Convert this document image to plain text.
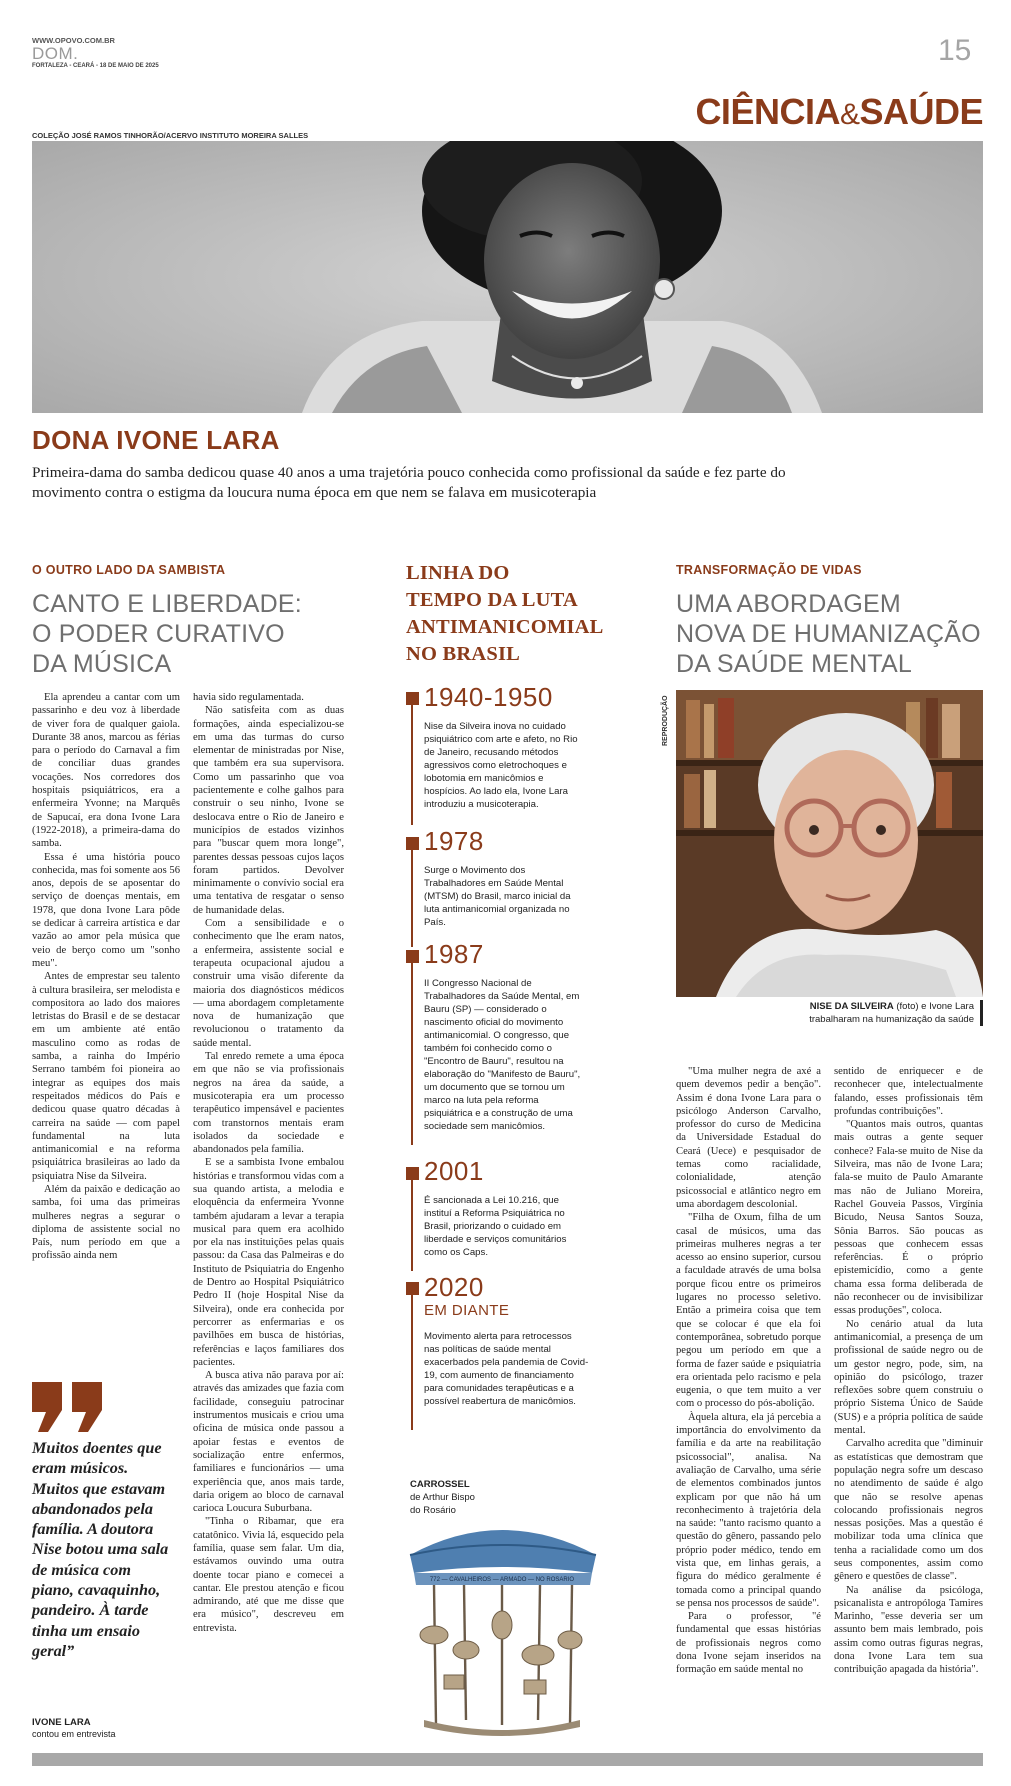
WWW.OPOVO.COM.BR
DOM.
FORTALEZA - CEARÁ - 18 DE MAIO DE 2025	15
CIÊNCIA&SAÚDE
COLEÇÃO JOSÉ RAMOS TINHORÃO/ACERVO INSTITUTO MOREIRA SALLES
DONA IVONE LARA
Primeira-dama do samba dedicou quase 40 anos a uma trajetória pouco conhecida como profissional da saúde e fez parte do movimento contra o estigma da loucura numa época em que nem se falava em musicoterapia
O OUTRO LADO DA SAMBISTA
CANTO E LIBERDADE:
O PODER CURATIVO
DA MÚSICA

Ela aprendeu a cantar com um passarinho e deu voz à liberdade de viver fora de qualquer gaiola. Durante 38 anos, marcou as férias para o período do Carnaval a fim de conciliar duas grandes vocações. Nos corredores dos hospitais psiquiátricos, era a enfermeira Yvonne; na Marquês de Sapucaí, era dona Ivone Lara (1922-2018), a primeira-dama do samba.

Essa é uma história pouco conhecida, mas foi somente aos 56 anos, depois de se aposentar do serviço de doenças mentais, em 1978, que dona Ivone Lara pôde se dedicar à carreira artística e dar vazão ao amor pela música que veio de berço como um "sonho meu".

Antes de emprestar seu talento à cultura brasileira, ser melodista e compositora ao lado dos maiores letristas do Brasil e de se destacar em um ambiente até então masculino como as rodas de samba, a rainha do Império Serrano também foi pioneira ao integrar as equipes dos mais respeitados médicos do País e dedicou quase quatro décadas à carreira na saúde — com papel fundamental na luta antimanicomial e na reforma psiquiátrica brasileiras ao lado da psiquiatra Nise da Silveira.

Além da paixão e dedicação ao samba, foi uma das primeiras mulheres negras a segurar o diploma de assistente social no País, num período em que a profissão ainda nem

havia sido regulamentada.

Não satisfeita com as duas formações, ainda especializou-se em uma das turmas do curso elementar de ministradas por Nise, que também era sua supervisora. Como um passarinho que voa pacientemente e colhe galhos para construir o seu ninho, Ivone se deslocava entre o Rio de Janeiro e municípios de estados vizinhos para "buscar quem mora longe", parentes dessas pessoas cujos laços foram partidos. Devolver minimamente o convívio social era uma tentativa de resgatar o senso de humanidade delas.

Com a sensibilidade e o conhecimento que lhe eram natos, a enfermeira, assistente social e terapeuta ocupacional ajudou a construir uma visão diferente da maioria dos diagnósticos médicos — uma abordagem completamente nova de humanização que revolucionou o tratamento da saúde mental.

Tal enredo remete a uma época em que não se via profissionais negros na área da saúde, a musicoterapia era um processo terapêutico impensável e pacientes com transtornos mentais eram isolados da sociedade e abandonados pela família.

E se a sambista Ivone embalou histórias e transformou vidas com a sua quando artista, a melodia e eloquência da enfermeira Yvonne também ajudaram a levar a terapia musical para quem era acolhido por ela nas instituições pelas quais passou: da Casa das Palmeiras e do Instituto de Psiquiatria do Engenho de Dentro ao Hospital Psiquiátrico Pedro II (hoje Hospital Nise da Silveira), onde era conhecida por percorrer as enfermarias e os pavilhões em busca de histórias, referências e laços familiares dos pacientes.

A busca ativa não parava por aí: através das amizades que fazia com facilidade, conseguiu patrocinar instrumentos musicais e criou uma oficina de música onde passou a apoiar festas e eventos de socialização entre enfermos, familiares e funcionários — uma experiência que, anos mais tarde, daria origem ao bloco de carnaval carioca Loucura Suburbana.

"Tinha o Ribamar, que era catatônico. Vivia lá, esquecido pela família, quase sem falar. Um dia, estávamos ouvindo uma outra doente tocar piano e comecei a cantar. Ele prestou atenção e ficou admirando, até que me disse que era músico", descreveu em entrevista.

Muitos doentes que eram músicos. Muitos que estavam abandonados pela família. A doutora Nise botou uma sala de música com piano, cavaquinho, pandeiro. À tarde tinha um ensaio geral”
IVONE LARA
contou em entrevista
LINHA DO
TEMPO DA LUTA
ANTIMANICOMIAL
NO BRASIL
1940-1950
Nise da Silveira inova no cuidado psiquiátrico com arte e afeto, no Rio de Janeiro, recusando métodos agressivos como eletrochoques e lobotomia em manicômios e hospícios. Ao lado ela, Ivone Lara introduziu a musicoterapia.
1978
Surge o Movimento dos Trabalhadores em Saúde Mental (MTSM) do Brasil, marco inicial da luta antimanicomial organizada no País.
1987
II Congresso Nacional de Trabalhadores da Saúde Mental, em Bauru (SP) — considerado o nascimento oficial do movimento antimanicomial. O congresso, que também foi conhecido como o "Encontro de Bauru", resultou na elaboração do "Manifesto de Bauru", um documento que se tornou um marco na luta pela reforma psiquiátrica e a construção de uma sociedade sem manicômios.
2001
É sancionada a Lei 10.216, que instituí a Reforma Psiquiátrica no Brasil, priorizando o cuidado em liberdade e serviços comunitários como os Caps.
2020
EM DIANTE
Movimento alerta para retrocessos nas políticas de saúde mental exacerbados pela pandemia de Covid-19, com aumento de financiamento para comunidades terapêuticas e a possível reabertura de manicômios.
CARROSSEL
de Arthur Bispo
do Rosário
772 — CAVALHEIROS — ARMADO — NO ROSARIO
TRANSFORMAÇÃO DE VIDAS
UMA ABORDAGEM
NOVA DE HUMANIZAÇÃO
DA SAÚDE MENTAL
REPRODUÇÃO
NISE DA SILVEIRA (foto) e Ivone Lara
trabalharam na humanização da saúde

"Uma mulher negra de axé a quem devemos pedir a benção". Assim é dona Ivone Lara para o psicólogo Anderson Carvalho, professor do curso de Medicina da Universidade Estadual do Ceará (Uece) e pesquisador de temas como racialidade, colonialidade, atenção psicossocial e atlântico negro em uma abordagem descolonial.

"Filha de Oxum, filha de um casal de músicos, uma das primeiras mulheres negras a ter acesso ao ensino superior, cursou a faculdade através de uma bolsa porque ficou entre os primeiros lugares no processo seletivo. Então a primeira coisa que tem que se colocar é que ela foi contemporânea, sobretudo porque pegou um período em que a forma de fazer saúde e psiquiatria era orientada pelo racismo e pela eugenia, o que tem muito a ver com o processo do pós-abolição.

Àquela altura, ela já percebia a importância do envolvimento da família e da arte na reabilitação psicossocial", analisa. Na avaliação de Carvalho, uma série de elementos combinados juntos explicam por que não há um reconhecimento à trajetória dela na saúde: "tanto racismo quanto a questão do gênero, passando pelo próprio poder médico, tendo em vista que, em linhas gerais, a figura do médico geralmente é tomada como a principal quando se pensa nos processos de saúde".

Para o professor, "é fundamental que essas histórias de profissionais negros como dona Ivone sejam inseridos na formação em saúde mental no

sentido de enriquecer e de reconhecer que, intelectualmente falando, esses profissionais têm profundas contribuições".

"Quantos mais outros, quantas mais outras a gente sequer conhece? Fala-se muito de Nise da Silveira, mas não de Ivone Lara; fala-se muito de Paulo Amarante mas não de Juliano Moreira, Rachel Gouveia Passos, Virgínia Bicudo, Neusa Santos Souza, Sônia Barros. São poucas as pessoas que conhecem essas referências. É o próprio epistemicídio, como a gente chama essa forma deliberada de não reconhecer ou de invisibilizar essas produções", coloca.

No cenário atual da luta antimanicomial, a presença de um profissional de saúde negro ou de um gestor negro, pode, sim, na opinião do psicólogo, trazer reflexões sobre quem construiu o próprio Sistema Único de Saúde (SUS) e a própria política de saúde mental.

Carvalho acredita que "diminuir as estatísticas que demostram que população negra sofre um descaso no atendimento de saúde é algo que não se resolve apenas colocando profissionais negros nessas posições. Mas a questão é mobilizar toda uma clínica que tenha a racialidade como um dos seus componentes, assim como gênero e questões de classe".

Na análise da psicóloga, psicanalista e antropóloga Tamires Marinho, "esse deveria ser um assunto bem mais lembrado, pois assim como outras figuras negras, dona Ivone Lara tem sua contribuição apagada da história".
